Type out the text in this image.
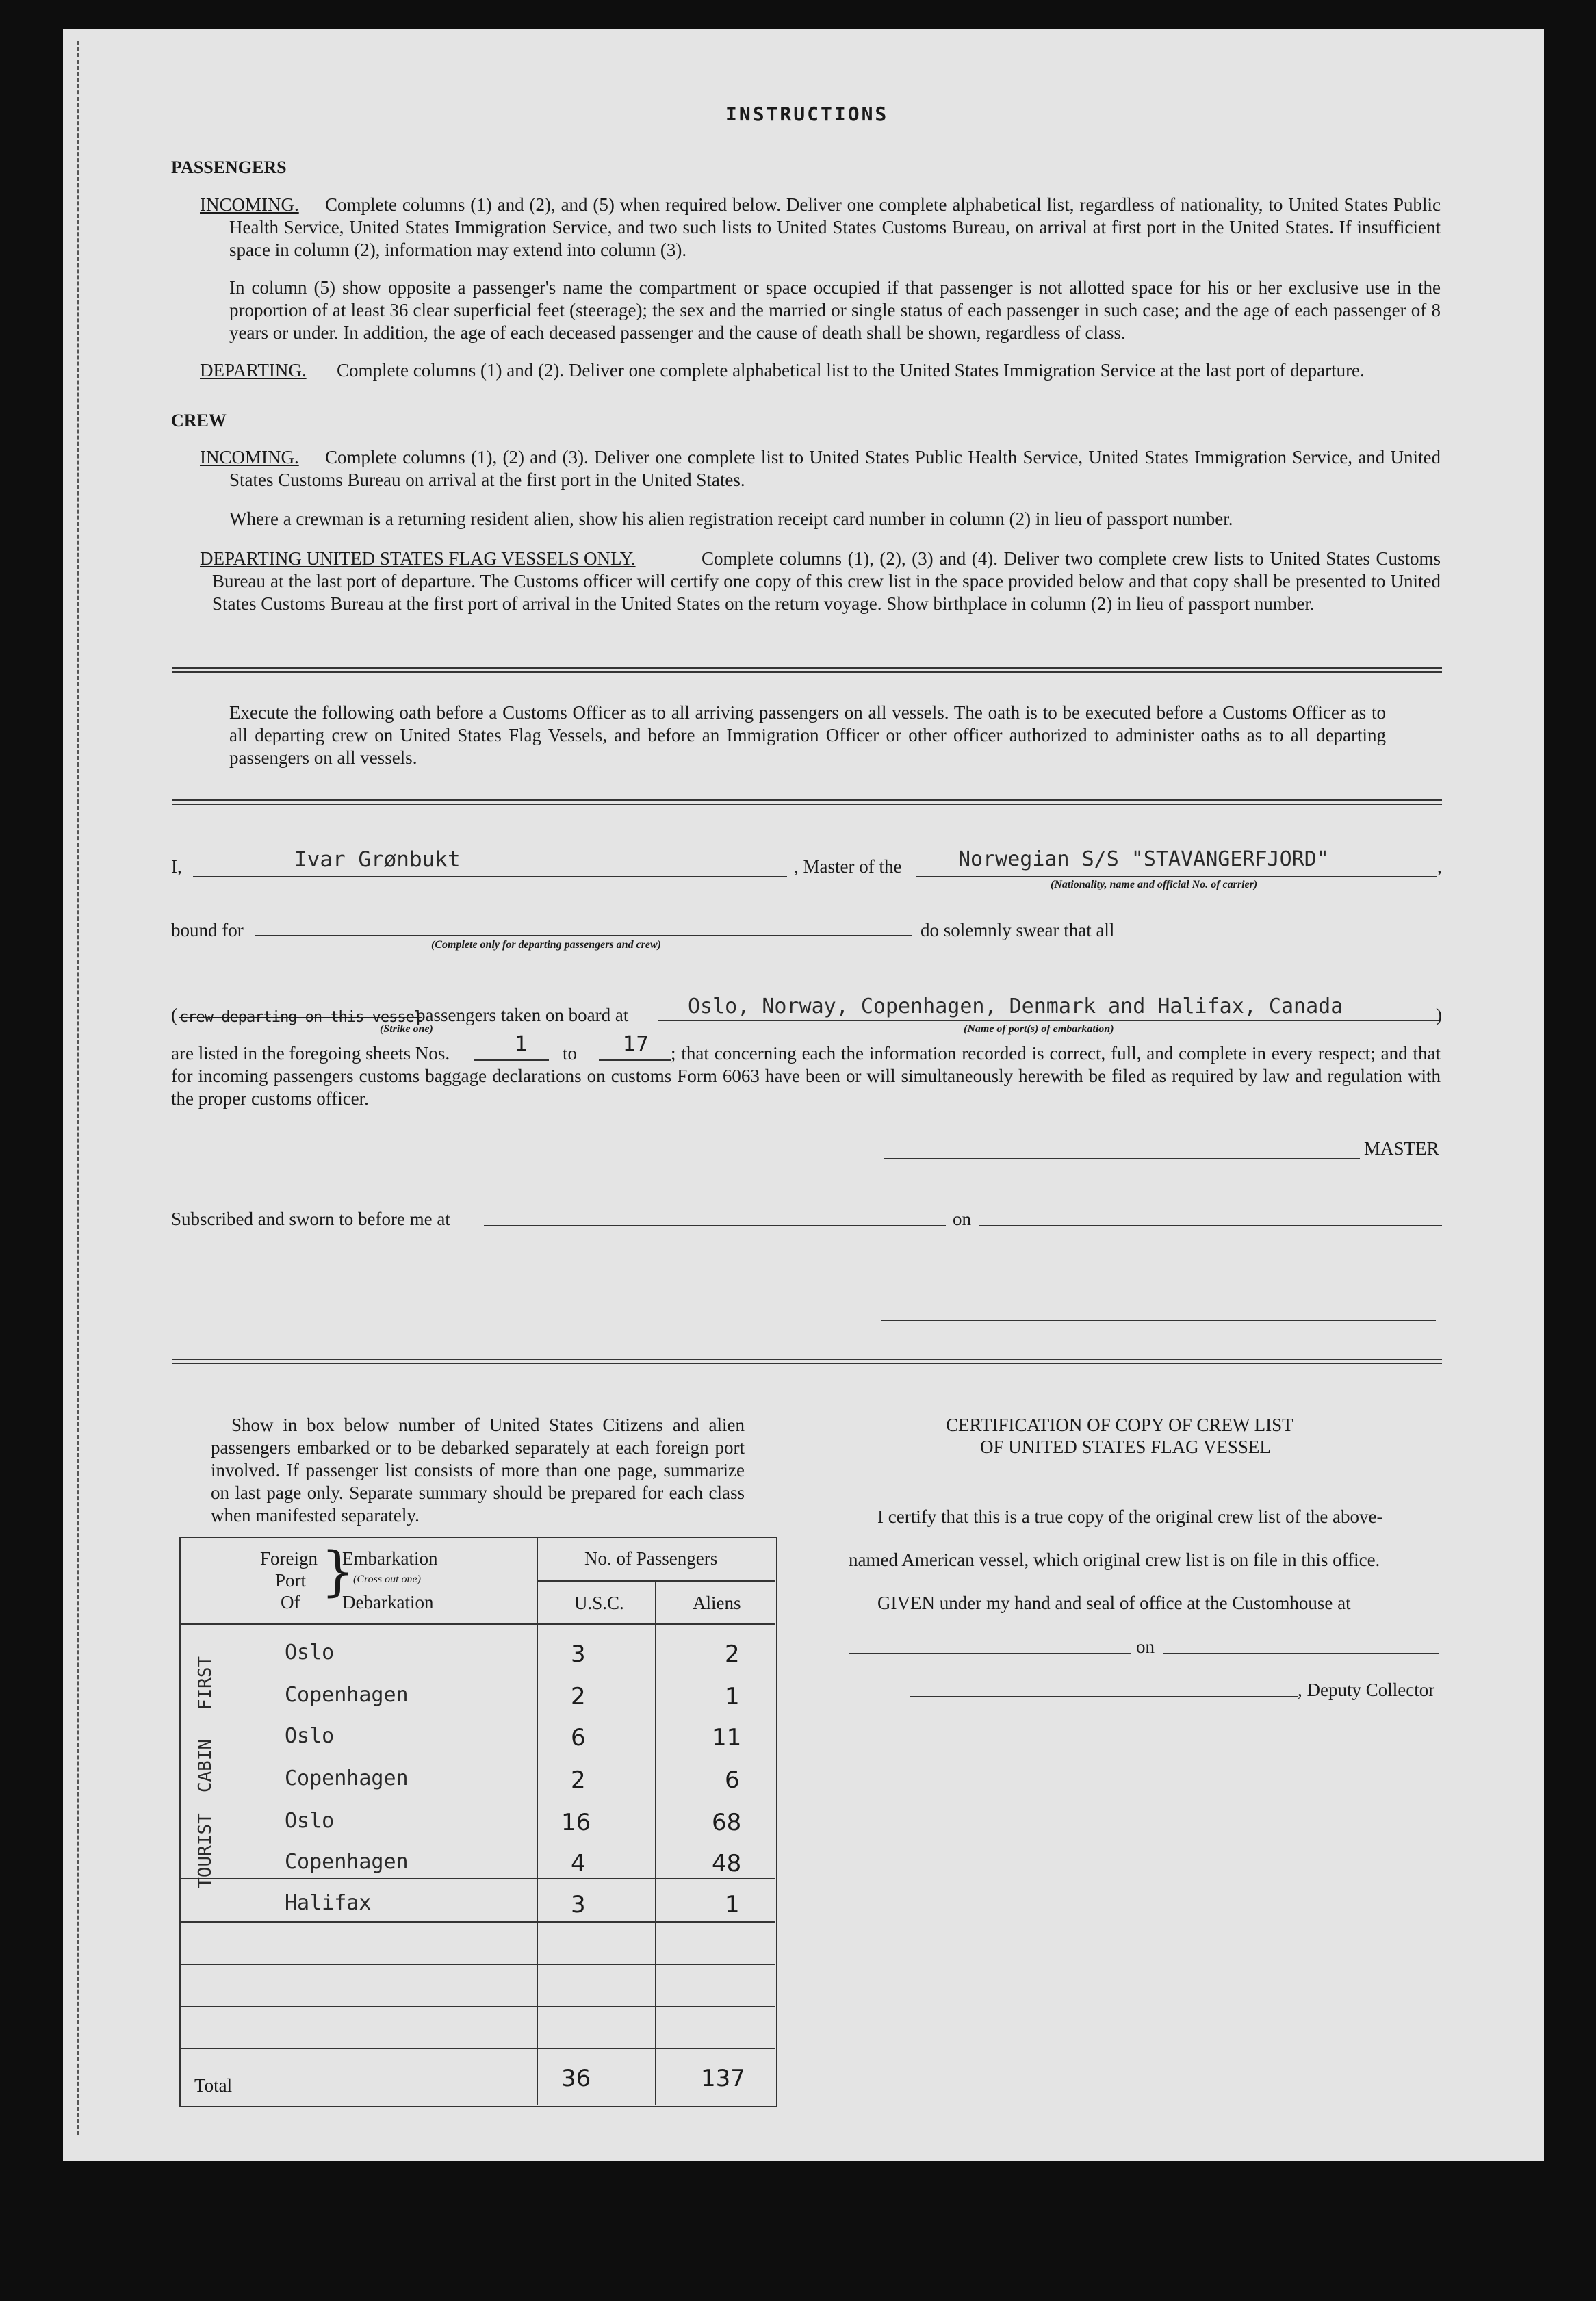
INSTRUCTIONS
PASSENGERS
INCOMING.	Complete columns (1) and (2), and (5) when required below. Deliver one complete alphabetical list, regardless of nationality, to United States Public Health Service, United States Immigration Service, and two such lists to United States Customs Bureau, on arrival at first port in the United States. If insufficient space in column (2), information may extend into column (3).
In column (5) show opposite a passenger's name the compartment or space occupied if that passenger is not allotted space for his or her exclusive use in the proportion of at least 36 clear superficial feet (steerage); the sex and the married or single status of each passenger in such case; and the age of each passenger of 8 years or under. In addition, the age of each deceased passenger and the cause of death shall be shown, regardless of class.
DEPARTING. Complete columns (1) and (2). Deliver one complete alphabetical list to the United States Immigration Service at the last port of departure.
CREW
INCOMING.	Complete columns (1), (2) and (3). Deliver one complete list to United States Public Health Service, United States Immigration Service, and United States Customs Bureau on arrival at the first port in the United States.
Where a crewman is a returning resident alien, show his alien registration receipt card number in column (2) in lieu of passport number.
DEPARTING UNITED STATES FLAG VESSELS ONLY.	Complete columns (1), (2), (3) and (4). Deliver two complete crew lists to United States Customs Bureau at the last port of departure. The Customs officer will certify one copy of this crew list in the space provided below and that copy shall be presented to United States Customs Bureau at the first port of arrival in the United States on the return voyage. Show birthplace in column (2) in lieu of passport number.
Execute the following oath before a Customs Officer as to all arriving passengers on all vessels. The oath is to be executed before a Customs Officer as to all departing crew on United States Flag Vessels, and before an Immigration Officer or other officer authorized to administer oaths as to all departing passengers on all vessels.
I,	Ivar Grønbukt	, Master of the	Norwegian S/S "STAVANGERFJORD"	,
(Nationality, name and official No. of carrier)
bound for
(Complete only for departing passengers and crew)
do solemnly swear that all
( crew departing on this vessel
passengers taken on board at
(Strike one)
Oslo, Norway, Copenhagen, Denmark and Halifax, Canada	)
(Name of port(s) of embarkation)
are listed in the foregoing sheets Nos.	1 to 17	; that concerning each the information recorded is correct, full, and complete in every respect; and that for incoming passengers customs baggage declarations on customs Form 6063 have been or will simultaneously herewith be filed as required by law and regulation with the proper customs officer.
MASTER
Subscribed and sworn to before me at	on
Show in box below number of United States Citizens and alien passengers embarked or to be debarked separately at each foreign port involved. If passenger list consists of more than one page, summarize on last page only. Separate summary should be prepared for each class when manifested separately.
Foreign
Port
Of }
Embarkation
(Cross out one)
Debarkation
No. of Passengers
U.S.C.	Aliens
FIRST
CABIN
TOURIST
Oslo	3	2
Copenhagen	2	1
Oslo	6	11
Copenhagen	2	6
Oslo	16	68
Copenhagen	4	48
Halifax	3	1
Total	36	137
CERTIFICATION OF COPY OF CREW LIST
OF UNITED STATES FLAG VESSEL
I certify that this is a true copy of the original crew list of the above-
named American vessel, which original crew list is on file in this office.
GIVEN under my hand and seal of office at the Customhouse at
on
, Deputy Collector
